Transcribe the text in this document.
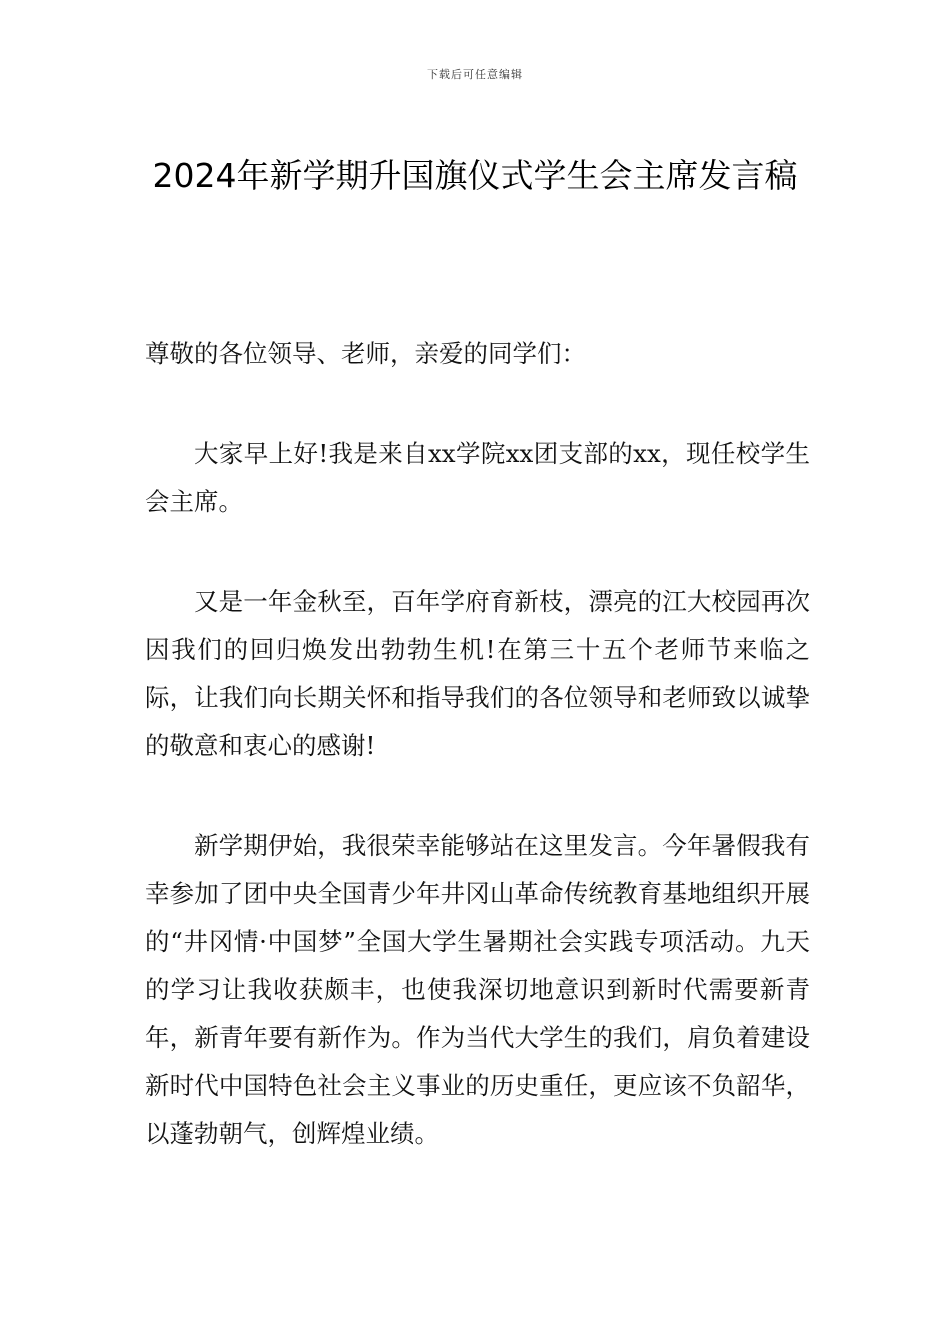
下载后可任意编辑
2024年新学期升国旗仪式学生会主席发言稿

尊敬的各位领导、老师，亲爱的同学们：

大家早上好!我是来自xx学院xx团支部的xx，现任校学生会主席。

又是一年金秋至，百年学府育新枝，漂亮的江大校园再次因我们的回归焕发出勃勃生机!在第三十五个老师节来临之际，让我们向长期关怀和指导我们的各位领导和老师致以诚挚的敬意和衷心的感谢!

新学期伊始，我很荣幸能够站在这里发言。今年暑假我有幸参加了团中央全国青少年井冈山革命传统教育基地组织开展的“井冈情·中国梦”全国大学生暑期社会实践专项活动。九天的学习让我收获颇丰，也使我深切地意识到新时代需要新青年，新青年要有新作为。作为当代大学生的我们，肩负着建设新时代中国特色社会主义事业的历史重任，更应该不负韶华，以蓬勃朝气，创辉煌业绩。
